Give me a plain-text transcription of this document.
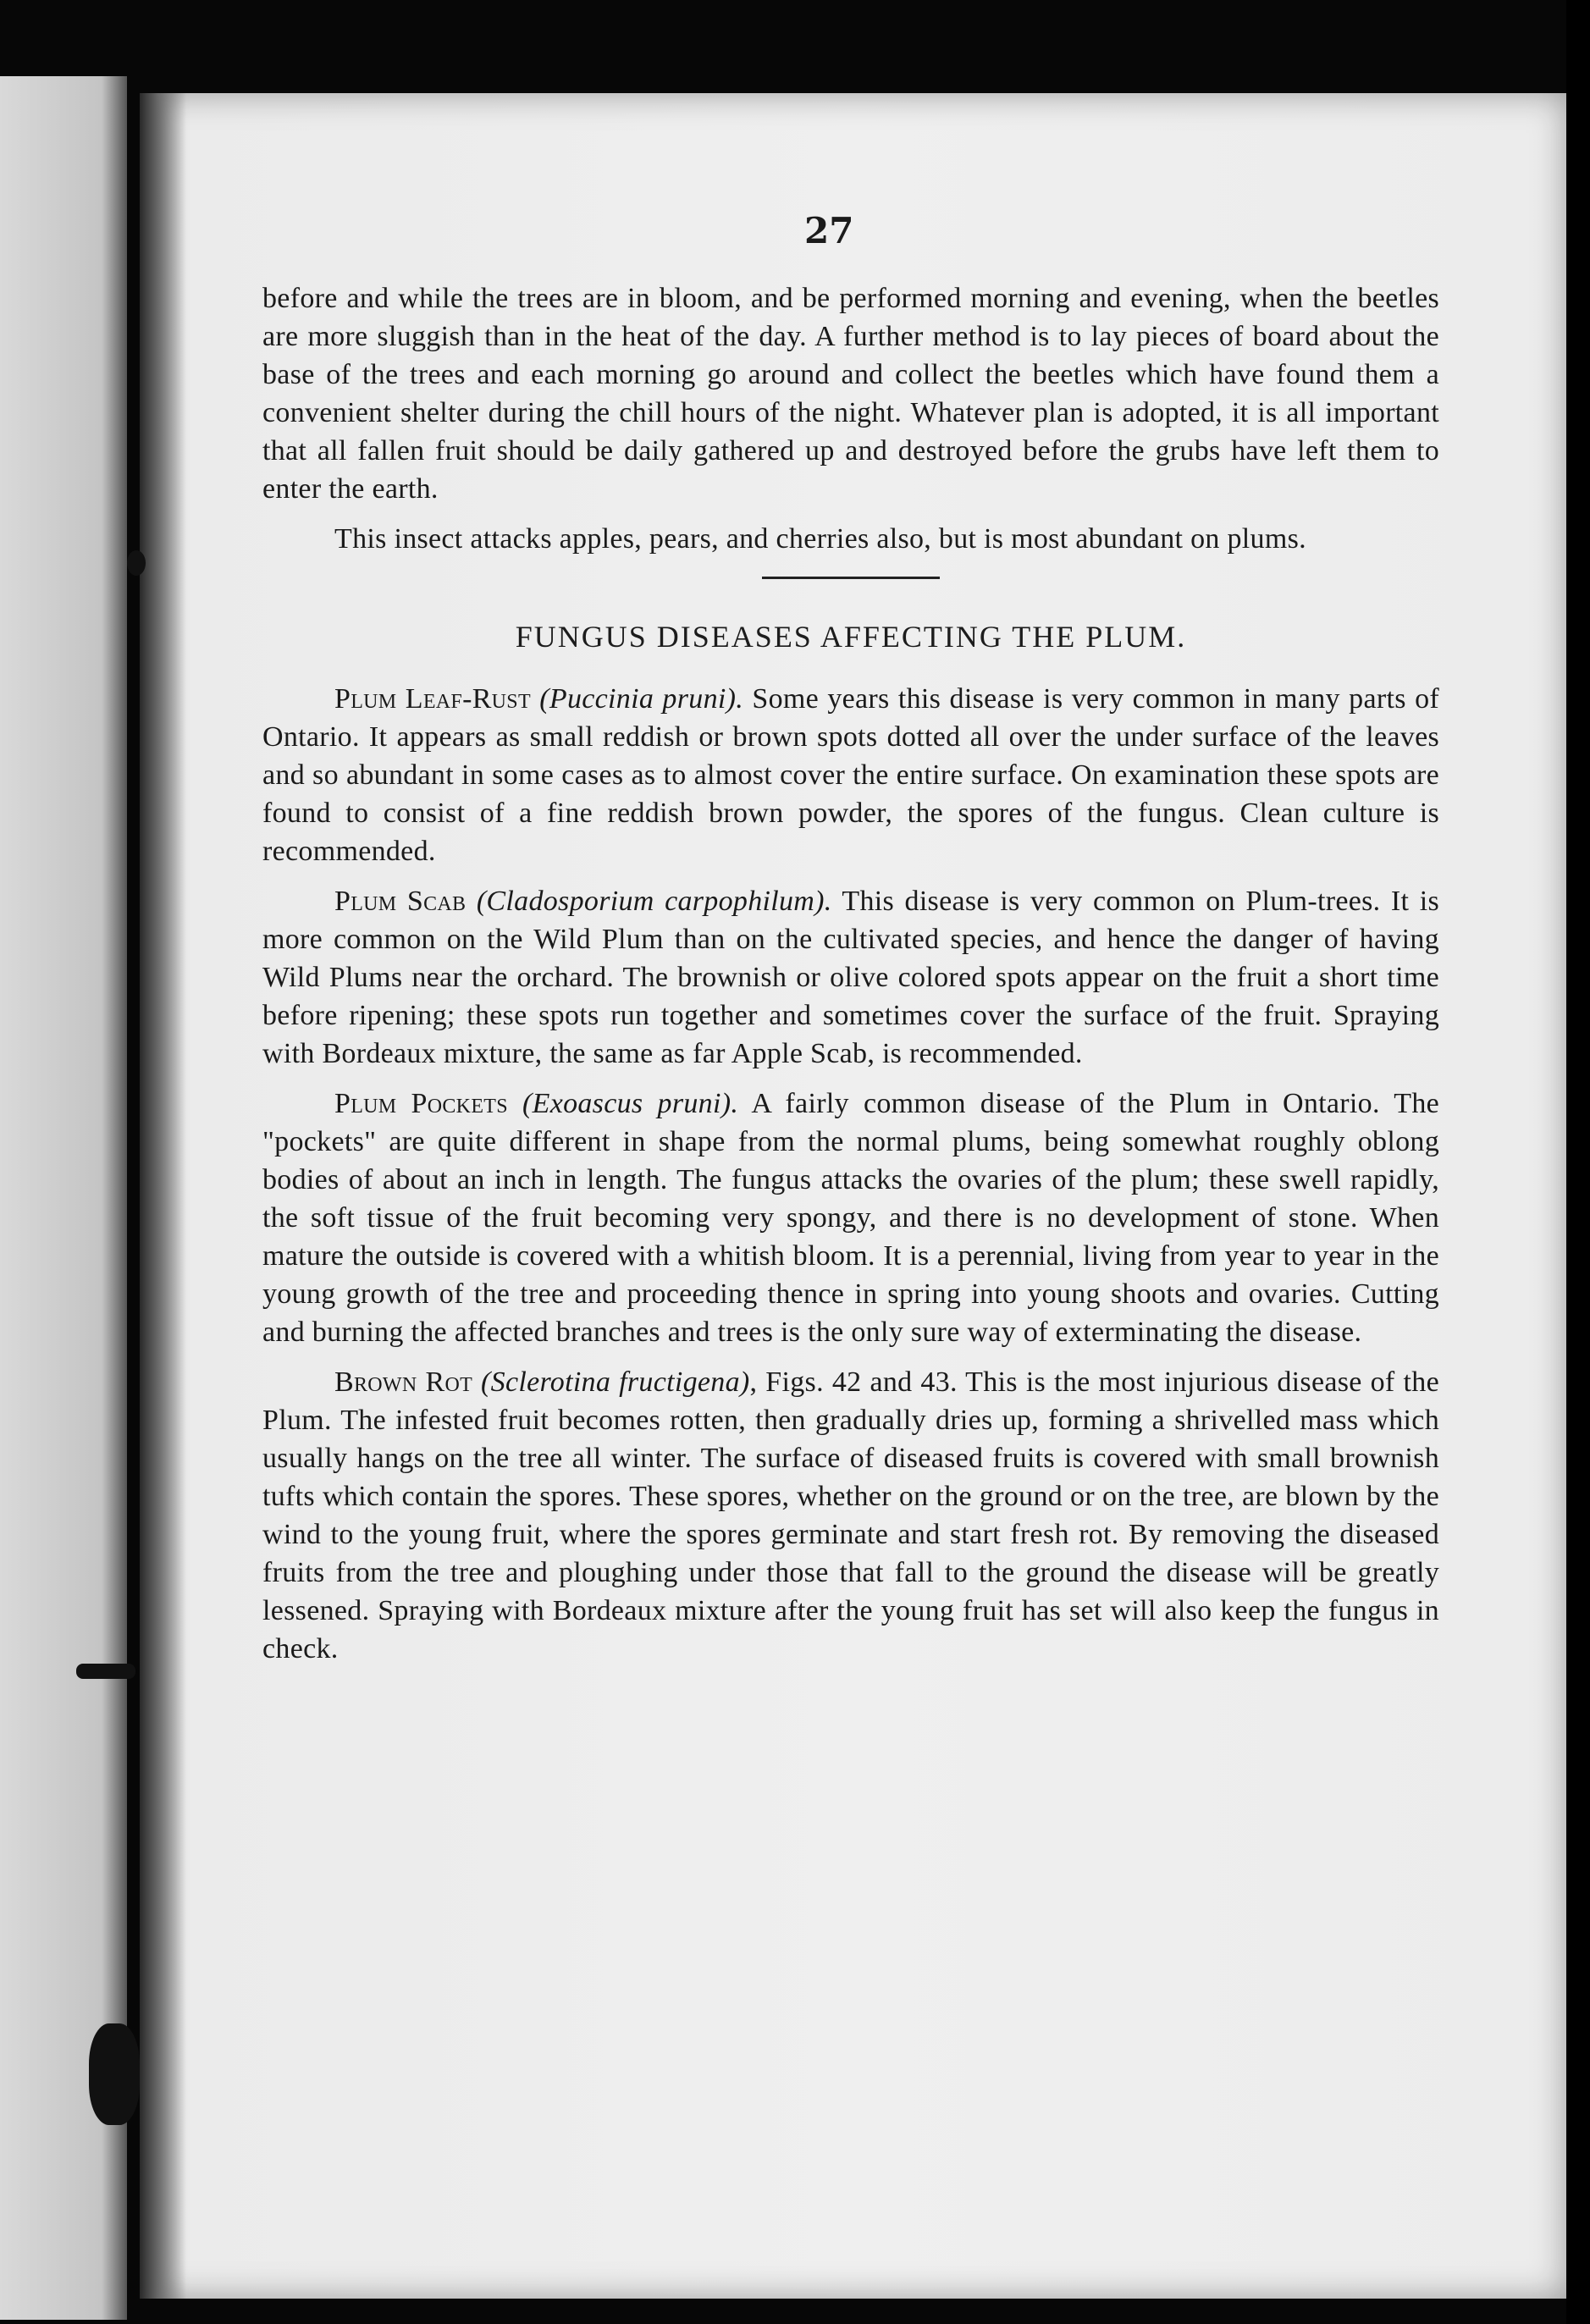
27

before and while the trees are in bloom, and be performed morning and evening, when the beetles are more sluggish than in the heat of the day. A further method is to lay pieces of board about the base of the trees and each morning go around and collect the beetles which have found them a convenient shelter during the chill hours of the night. Whatever plan is adopted, it is all important that all fallen fruit should be daily gathered up and destroyed before the grubs have left them to enter the earth.

This insect attacks apples, pears, and cherries also, but is most abundant on plums.

FUNGUS DISEASES AFFECTING THE PLUM.

Plum Leaf-Rust (Puccinia pruni). Some years this disease is very common in many parts of Ontario. It appears as small reddish or brown spots dotted all over the under surface of the leaves and so abundant in some cases as to almost cover the entire surface. On examination these spots are found to consist of a fine reddish brown powder, the spores of the fungus. Clean culture is recommended.

Plum Scab (Cladosporium carpophilum). This disease is very common on Plum-trees. It is more common on the Wild Plum than on the cultivated species, and hence the danger of having Wild Plums near the orchard. The brownish or olive colored spots appear on the fruit a short time before ripening; these spots run together and sometimes cover the surface of the fruit. Spraying with Bordeaux mixture, the same as far Apple Scab, is recommended.

Plum Pockets (Exoascus pruni). A fairly common disease of the Plum in Ontario. The "pockets" are quite different in shape from the normal plums, being somewhat roughly oblong bodies of about an inch in length. The fungus attacks the ovaries of the plum; these swell rapidly, the soft tissue of the fruit becoming very spongy, and there is no development of stone. When mature the outside is covered with a whitish bloom. It is a perennial, living from year to year in the young growth of the tree and proceeding thence in spring into young shoots and ovaries. Cutting and burning the affected branches and trees is the only sure way of exterminating the disease.

Brown Rot (Sclerotina fructigena), Figs. 42 and 43. This is the most injurious disease of the Plum. The infested fruit becomes rotten, then gradually dries up, forming a shrivelled mass which usually hangs on the tree all winter. The surface of diseased fruits is covered with small brownish tufts which contain the spores. These spores, whether on the ground or on the tree, are blown by the wind to the young fruit, where the spores germinate and start fresh rot. By removing the diseased fruits from the tree and ploughing under those that fall to the ground the disease will be greatly lessened. Spraying with Bordeaux mixture after the young fruit has set will also keep the fungus in check.
